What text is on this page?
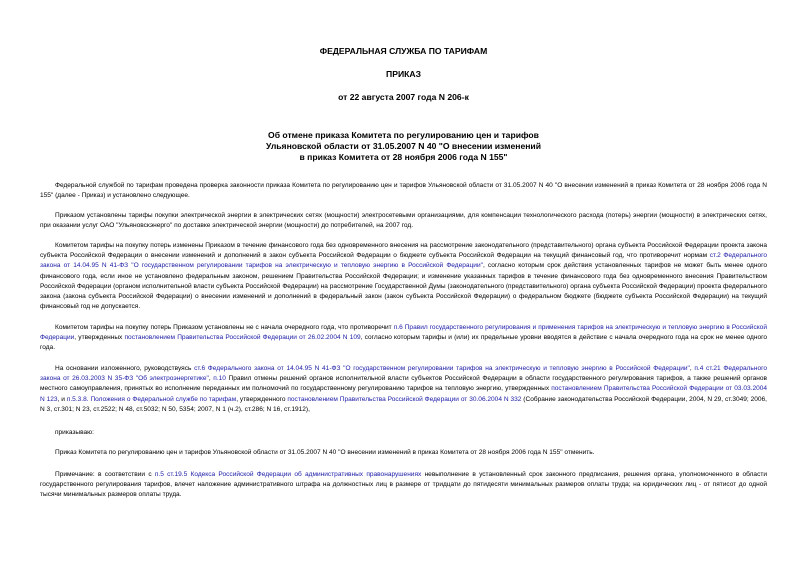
ФЕДЕРАЛЬНАЯ СЛУЖБА ПО ТАРИФАМ
ПРИКАЗ
от 22 августа 2007 года N 206-к
Об отмене приказа Комитета по регулированию цен и тарифов
Ульяновской области от 31.05.2007 N 40 "О внесении изменений
в приказ Комитета от 28 ноября 2006 года N 155"
Федеральной службой по тарифам проведена проверка законности приказа Комитета по регулированию цен и тарифов Ульяновской области от 31.05.2007 N 40 "О внесении изменений в приказ Комитета от 28 ноября 2006 года N 155" (далее - Приказ) и установлено следующее.
Приказом установлены тарифы покупки электрической энергии в электрических сетях (мощности) электросетевыми организациями, для компенсации технологического расхода (потерь) энергии (мощности) в электрических сетях, при оказании услуг ОАО "Ульяновскэнерго" по доставке электрической энергии (мощности) до потребителей, на 2007 год.
Комитетом тарифы на покупку потерь изменены Приказом в течение финансового года без одновременного внесения на рассмотрение законодательного (представительного) органа субъекта Российской Федерации проекта закона субъекта Российской Федерации о внесении изменений и дополнений в закон субъекта Российской Федерации о бюджете субъекта Российской Федерации на текущий финансовый год, что противоречит нормам ст.2 Федерального закона от 14.04.95 N 41-ФЗ "О государственном регулировании тарифов на электрическую и тепловую энергию в Российской Федерации", согласно которым срок действия установленных тарифов не может быть менее одного финансового года, если иное не установлено федеральным законом, решением Правительства Российской Федерации; и изменение указанных тарифов в течение финансового года без одновременного внесения Правительством Российской Федерации (органом исполнительной власти субъекта Российской Федерации) на рассмотрение Государственной Думы (законодательного (представительного) органа субъекта Российской Федерации) проекта федерального закона (закона субъекта Российской Федерации) о внесении изменений и дополнений в федеральный закон (закон субъекта Российской Федерации) о федеральном бюджете (бюджете субъекта Российской Федерации) на текущий финансовый год не допускается.
Комитетом тарифы на покупку потерь Приказом установлены не с начала очередного года, что противоречит п.6 Правил государственного регулирования и применения тарифов на электрическую и тепловую энергию в Российской Федерации, утвержденных постановлением Правительства Российской Федерации от 26.02.2004 N 109, согласно которым тарифы и (или) их предельные уровни вводятся в действие с начала очередного года на срок не менее одного года.
На основании изложенного, руководствуясь ст.6 Федерального закона от 14.04.95 N 41-ФЗ "О государственном регулировании тарифов на электрическую и тепловую энергию в Российской Федерации", п.4 ст.21 Федерального закона от 26.03.2003 N 35-ФЗ "Об электроэнергетике", п.10 Правил отмены решений органов исполнительной власти субъектов Российской Федерации в области государственного регулирования тарифов, а также решений органов местного самоуправления, принятых во исполнение переданных им полномочий по государственному регулированию тарифов на тепловую энергию, утвержденных постановлением Правительства Российской Федерации от 03.03.2004 N 123, и п.5.3.8. Положения о Федеральной службе по тарифам, утвержденного постановлением Правительства Российской Федерации от 30.06.2004 N 332 (Собрание законодательства Российской Федерации, 2004, N 29, ст.3049; 2006, N 3, ст.301; N 23, ст.2522; N 48, ст.5032; N 50, 5354; 2007, N 1 (ч.2), ст.286; N 16, ст.1912),
приказываю:
Приказ Комитета по регулированию цен и тарифов Ульяновской области от 31.05.2007 N 40 "О внесении изменений в приказ Комитета от 28 ноября 2006 года N 155" отменить.
Примечание: в соответствии с п.5 ст.19.5 Кодекса Российской Федерации об административных правонарушениях невыполнение в установленный срок законного предписания, решения органа, уполномоченного в области государственного регулирования тарифов, влечет наложение административного штрафа на должностных лиц в размере от тридцати до пятидесяти минимальных размеров оплаты труда; на юридических лиц - от пятисот до одной тысячи минимальных размеров оплаты труда.
